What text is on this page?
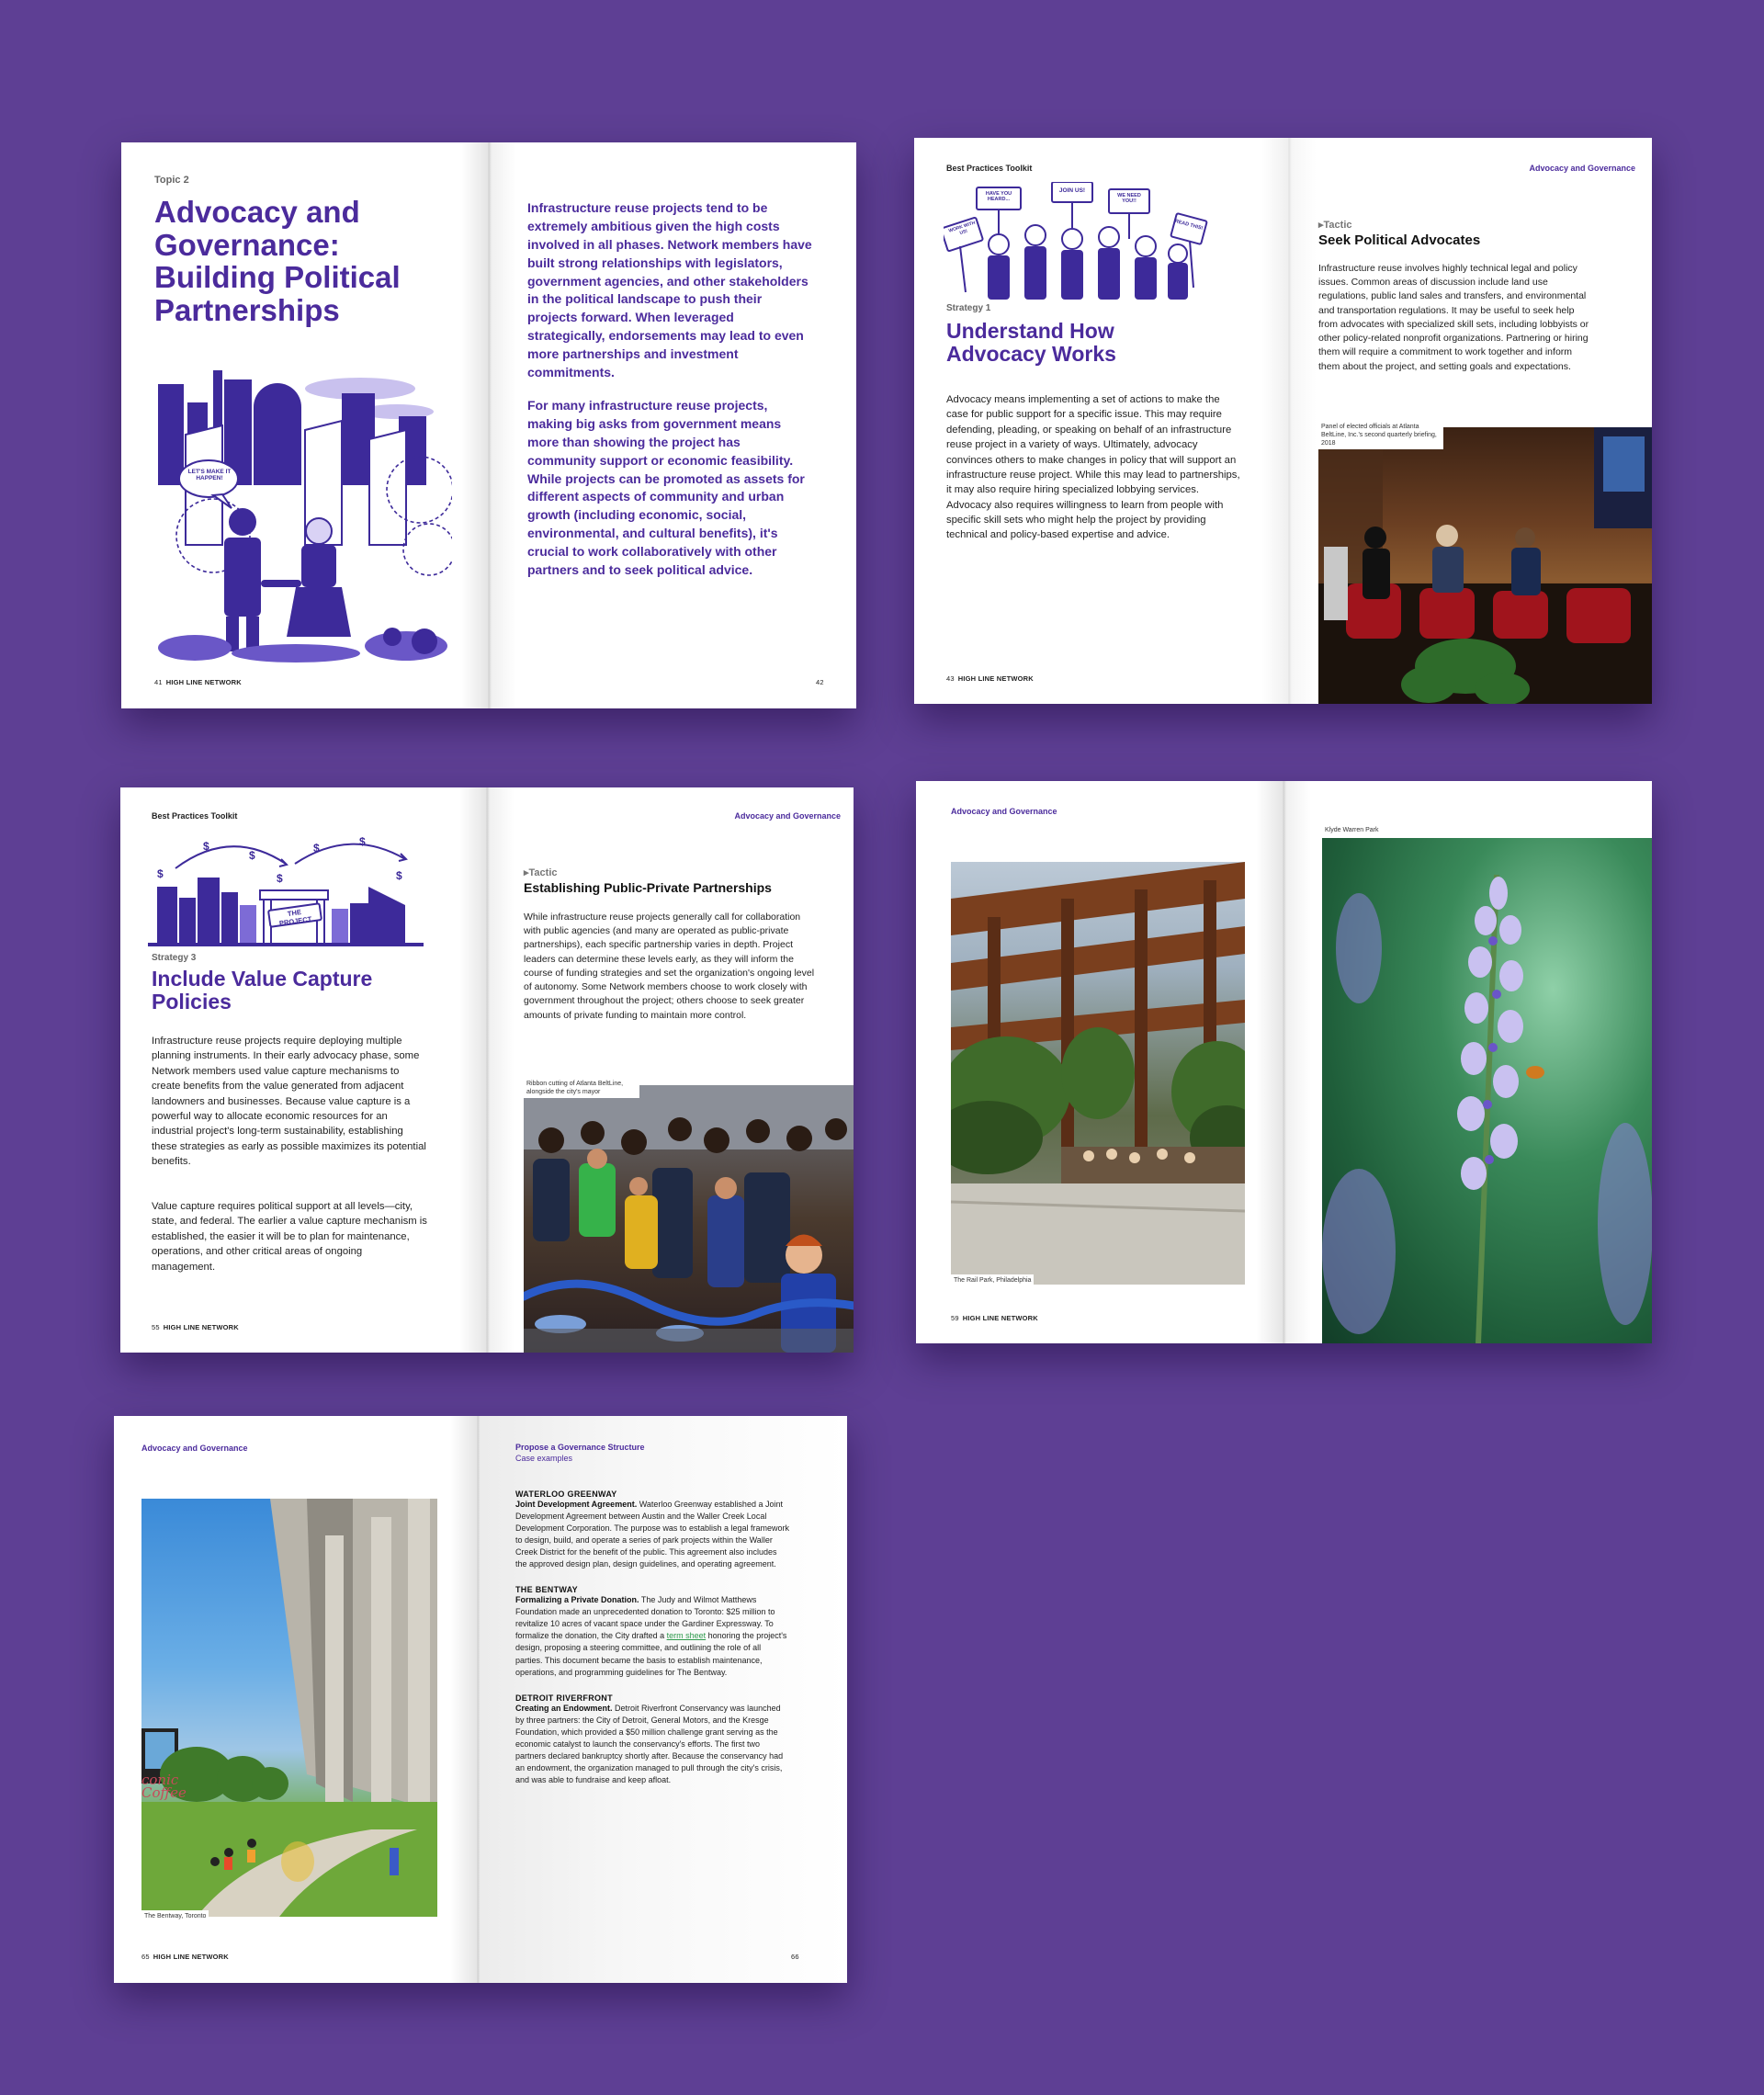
Topic 2
Advocacy and Governance: Building Political Partnerships
LET'S MAKE IT HAPPEN!
41 HIGH LINE NETWORK
Infrastructure reuse projects tend to be extremely ambitious given the high costs involved in all phases. Network members have built strong relationships with legislators, government agencies, and other stakeholders in the political landscape to push their projects forward. When leveraged strategically, endorsements may lead to even more partnerships and investment commitments.
For many infrastructure reuse projects, making big asks from government means more than showing the project has community support or economic feasibility. While projects can be promoted as assets for different aspects of community and urban growth (including economic, social, environmental, and cultural benefits), it's crucial to work collaboratively with other partners and to seek political advice.
42
Best Practices Toolkit
HAVE YOU HEARD...
JOIN US!
WE NEED YOU!!
WORK WITH US!
READ THIS!
Strategy 1
Understand How Advocacy Works
Advocacy means implementing a set of actions to make the case for public support for a specific issue. This may require defending, pleading, or speaking on behalf of an infrastructure reuse project in a variety of ways. Ultimately, advocacy convinces others to make changes in policy that will support an infrastructure reuse project. While this may lead to partnerships, it may also require hiring specialized lobbying services. Advocacy also requires willingness to learn from people with specific skill sets who might help the project by providing technical and policy-based expertise and advice.
43 HIGH LINE NETWORK
Advocacy and Governance
▸ Tactic
Seek Political Advocates
Infrastructure reuse involves highly technical legal and policy issues. Common areas of discussion include land use regulations, public land sales and transfers, and environmental and transportation regulations. It may be useful to seek help from advocates with specialized skill sets, including lobbyists or other policy-related nonprofit organizations. Partnering or hiring them will require a commitment to work together and inform them about the project, and setting goals and expectations.
Panel of elected officials at Atlanta BeltLine, Inc.'s second quarterly briefing, 2018
Best Practices Toolkit
$
$
$
$
$	$
$
THE PROJECT
Strategy 3
Include Value Capture Policies
Infrastructure reuse projects require deploying multiple planning instruments. In their early advocacy phase, some Network members used value capture mechanisms to create benefits from the value generated from adjacent landowners and businesses. Because value capture is a powerful way to allocate economic resources for an industrial project's long-term sustainability, establishing these strategies as early as possible maximizes its potential benefits.
Value capture requires political support at all levels—city, state, and federal. The earlier a value capture mechanism is established, the easier it will be to plan for maintenance, operations, and other critical areas of ongoing management.
55 HIGH LINE NETWORK
Advocacy and Governance
▸ Tactic
Establishing Public-Private Partnerships
While infrastructure reuse projects generally call for collaboration with public agencies (and many are operated as public-private partnerships), each specific partnership varies in depth. Project leaders can determine these levels early, as they will inform the course of funding strategies and set the organization's ongoing level of autonomy. Some Network members choose to work closely with government throughout the project; others choose to seek greater amounts of private funding to maintain more control.
Ribbon cutting of Atlanta BeltLine, alongside the city's mayor
Advocacy and Governance
The Rail Park, Philadelphia
59 HIGH LINE NETWORK
Klyde Warren Park
Advocacy and Governance
conic Coffee
The Bentway, Toronto
65 HIGH LINE NETWORK
Propose a Governance Structure
Case examples
WATERLOO GREENWAY
Joint Development Agreement. Waterloo Greenway established a Joint Development Agreement between Austin and the Waller Creek Local Development Corporation. The purpose was to establish a legal framework to design, build, and operate a series of park projects within the Waller Creek District for the benefit of the public. This agreement also includes the approved design plan, design guidelines, and operating agreement.
THE BENTWAY
Formalizing a Private Donation. The Judy and Wilmot Matthews Foundation made an unprecedented donation to Toronto: $25 million to revitalize 10 acres of vacant space under the Gardiner Expressway. To formalize the donation, the City drafted a term sheet honoring the project's design, proposing a steering committee, and outlining the role of all parties. This document became the basis to establish maintenance, operations, and programming guidelines for The Bentway.
DETROIT RIVERFRONT
Creating an Endowment. Detroit Riverfront Conservancy was launched by three partners: the City of Detroit, General Motors, and the Kresge Foundation, which provided a $50 million challenge grant serving as the economic catalyst to launch the conservancy's efforts. The first two partners declared bankruptcy shortly after. Because the conservancy had an endowment, the organization managed to pull through the city's crisis, and was able to fundraise and keep afloat.
66
